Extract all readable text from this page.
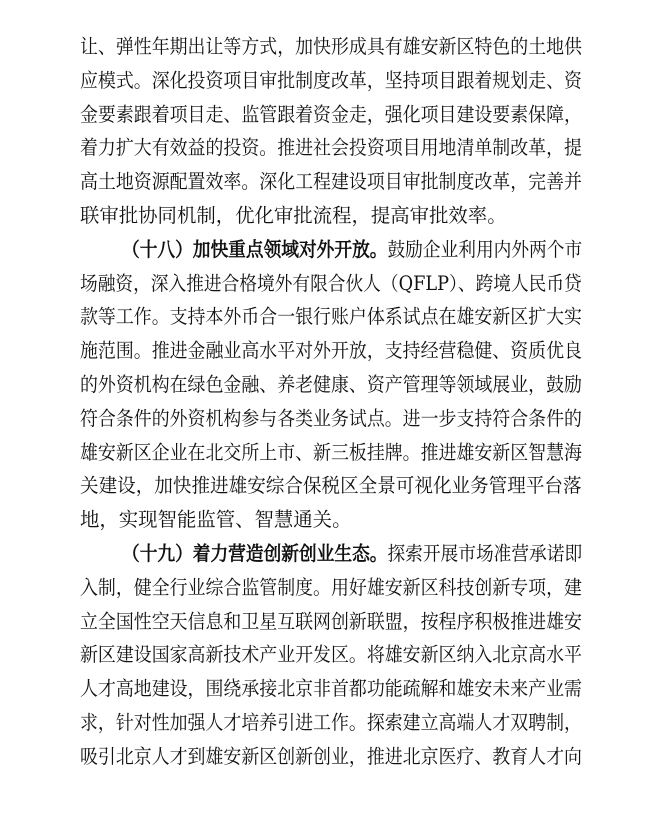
让、弹性年期出让等方式，加快形成具有雄安新区特色的土地供
应模式。深化投资项目审批制度改革，坚持项目跟着规划走、资
金要素跟着项目走、监管跟着资金走，强化项目建设要素保障，
着力扩大有效益的投资。推进社会投资项目用地清单制改革，提
高土地资源配置效率。深化工程建设项目审批制度改革，完善并
联审批协同机制，优化审批流程，提高审批效率。
（十八）加快重点领域对外开放。鼓励企业利用内外两个市
场融资，深入推进合格境外有限合伙人（QFLP）、跨境人民币贷
款等工作。支持本外币合一银行账户体系试点在雄安新区扩大实
施范围。推进金融业高水平对外开放，支持经营稳健、资质优良
的外资机构在绿色金融、养老健康、资产管理等领域展业，鼓励
符合条件的外资机构参与各类业务试点。进一步支持符合条件的
雄安新区企业在北交所上市、新三板挂牌。推进雄安新区智慧海
关建设，加快推进雄安综合保税区全景可视化业务管理平台落
地，实现智能监管、智慧通关。
（十九）着力营造创新创业生态。探索开展市场准营承诺即
入制，健全行业综合监管制度。用好雄安新区科技创新专项，建
立全国性空天信息和卫星互联网创新联盟，按程序积极推进雄安
新区建设国家高新技术产业开发区。将雄安新区纳入北京高水平
人才高地建设，围绕承接北京非首都功能疏解和雄安未来产业需
求，针对性加强人才培养引进工作。探索建立高端人才双聘制，
吸引北京人才到雄安新区创新创业，推进北京医疗、教育人才向
